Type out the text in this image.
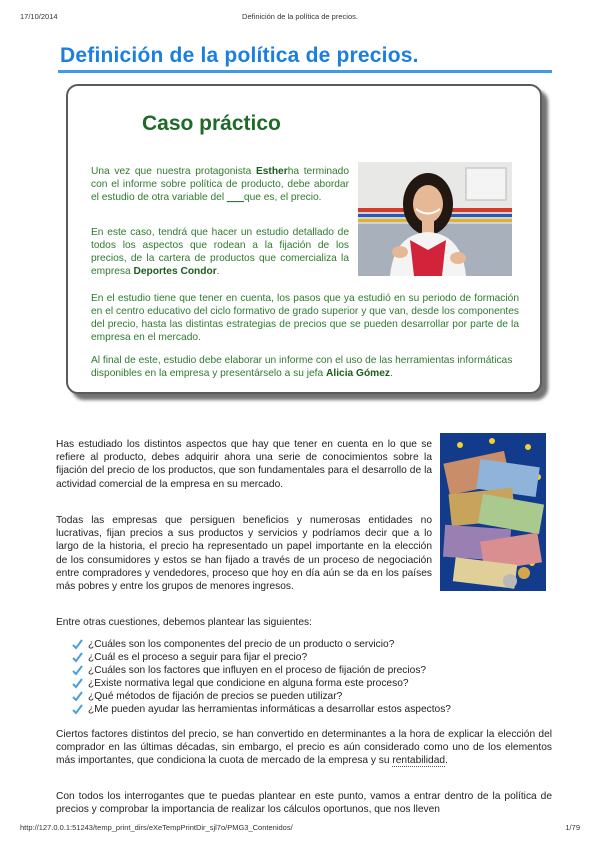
17/10/2014	Definición de la política de precios.
Definición de la política de precios.
Caso práctico
Una vez que nuestra protagonista Estherha terminado con el informe sobre política de producto, debe abordar el estudio de otra variable del ___que es, el precio.
En este caso, tendrá que hacer un estudio detallado de todos los aspectos que rodean a la fijación de los precios, de la cartera de productos que comercializa la empresa Deportes Condor.
En el estudio tiene que tener en cuenta, los pasos que ya estudió en su periodo de formación en el centro educativo del ciclo formativo de grado superior y que van, desde los componentes del precio, hasta las distintas estrategias de precios que se pueden desarrollar por parte de la empresa en el mercado.
Al final de este, estudio debe elaborar un informe con el uso de las herramientas informáticas disponibles en la empresa y presentárselo a su jefa Alicia Gómez.
Has estudiado los distintos aspectos que hay que tener en cuenta en lo que se refiere al producto, debes adquirir ahora una serie de conocimientos sobre la fijación del precio de los productos, que son fundamentales para el desarrollo de la actividad comercial de la empresa en su mercado.
Todas las empresas que persiguen beneficios y numerosas entidades no lucrativas, fijan precios a sus productos y servicios y podríamos decir que a lo largo de la historia, el precio ha representado un papel importante en la elección de los consumidores y estos se han fijado a través de un proceso de negociación entre compradores y vendedores, proceso que hoy en día aún se da en los países más pobres y entre los grupos de menores ingresos.
Entre otras cuestiones, debemos plantear las siguientes:
¿Cuáles son los componentes del precio de un producto o servicio?
¿Cuál es el proceso a seguir para fijar el precio?
¿Cuáles son los factores que influyen en el proceso de fijación de precios?
¿Existe normativa legal que condicione en alguna forma este proceso?
¿Qué métodos de fijación de precios se pueden utilizar?
¿Me pueden ayudar las herramientas informáticas a desarrollar estos aspectos?
Ciertos factores distintos del precio, se han convertido en determinantes a la hora de explicar la elección del comprador en las últimas décadas, sin embargo, el precio es aún considerado como uno de los elementos más importantes, que condiciona la cuota de mercado de la empresa y su rentabilidad.
Con todos los interrogantes que te puedas plantear en este punto, vamos a entrar dentro de la política de precios y comprobar la importancia de realizar los cálculos oportunos, que nos lleven
http://127.0.0.1:51243/temp_print_dirs/eXeTempPrintDir_sjl7o/PMG3_Contenidos/	1/79
